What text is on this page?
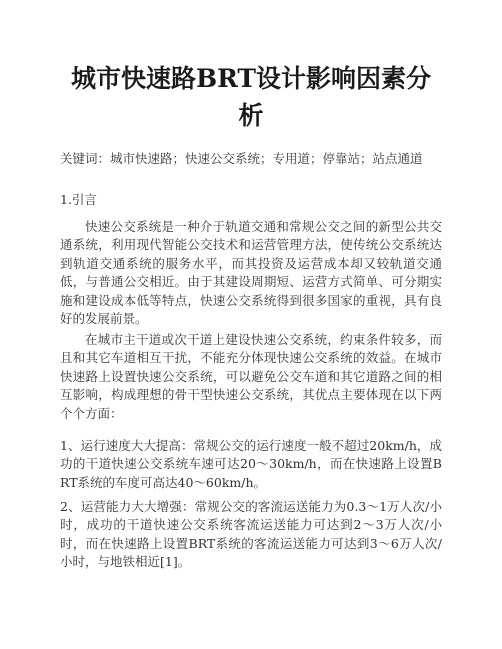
城市快速路BRT设计影响因素分析

关键词：城市快速路；快速公交系统；专用道；停靠站；站点通道

1.引言

快速公交系统是一种介于轨道交通和常规公交之间的新型公共交通系统，利用现代智能公交技术和运营管理方法，使传统公交系统达到轨道交通系统的服务水平，而其投资及运营成本却又较轨道交通低，与普通公交相近。由于其建设周期短、运营方式简单、可分期实施和建设成本低等特点，快速公交系统得到很多国家的重视，具有良好的发展前景。

在城市主干道或次干道上建设快速公交系统，约束条件较多，而且和其它车道相互干扰，不能充分体现快速公交系统的效益。在城市快速路上设置快速公交系统，可以避免公交车道和其它道路之间的相互影响，构成理想的骨干型快速公交系统，其优点主要体现在以下两个个方面：

1、运行速度大大提高：常规公交的运行速度一般不超过20km/h，成功的干道快速公交系统车速可达20～30km/h，而在快速路上设置BRT系统的车度可高达40～60km/h。

2、运营能力大大增强：常规公交的客流运送能力为0.3～1万人次/小时，成功的干道快速公交系统客流运送能力可达到2～3万人次/小时，而在快速路上设置BRT系统的客流运送能力可达到3～6万人次/小时，与地铁相近[1]。
